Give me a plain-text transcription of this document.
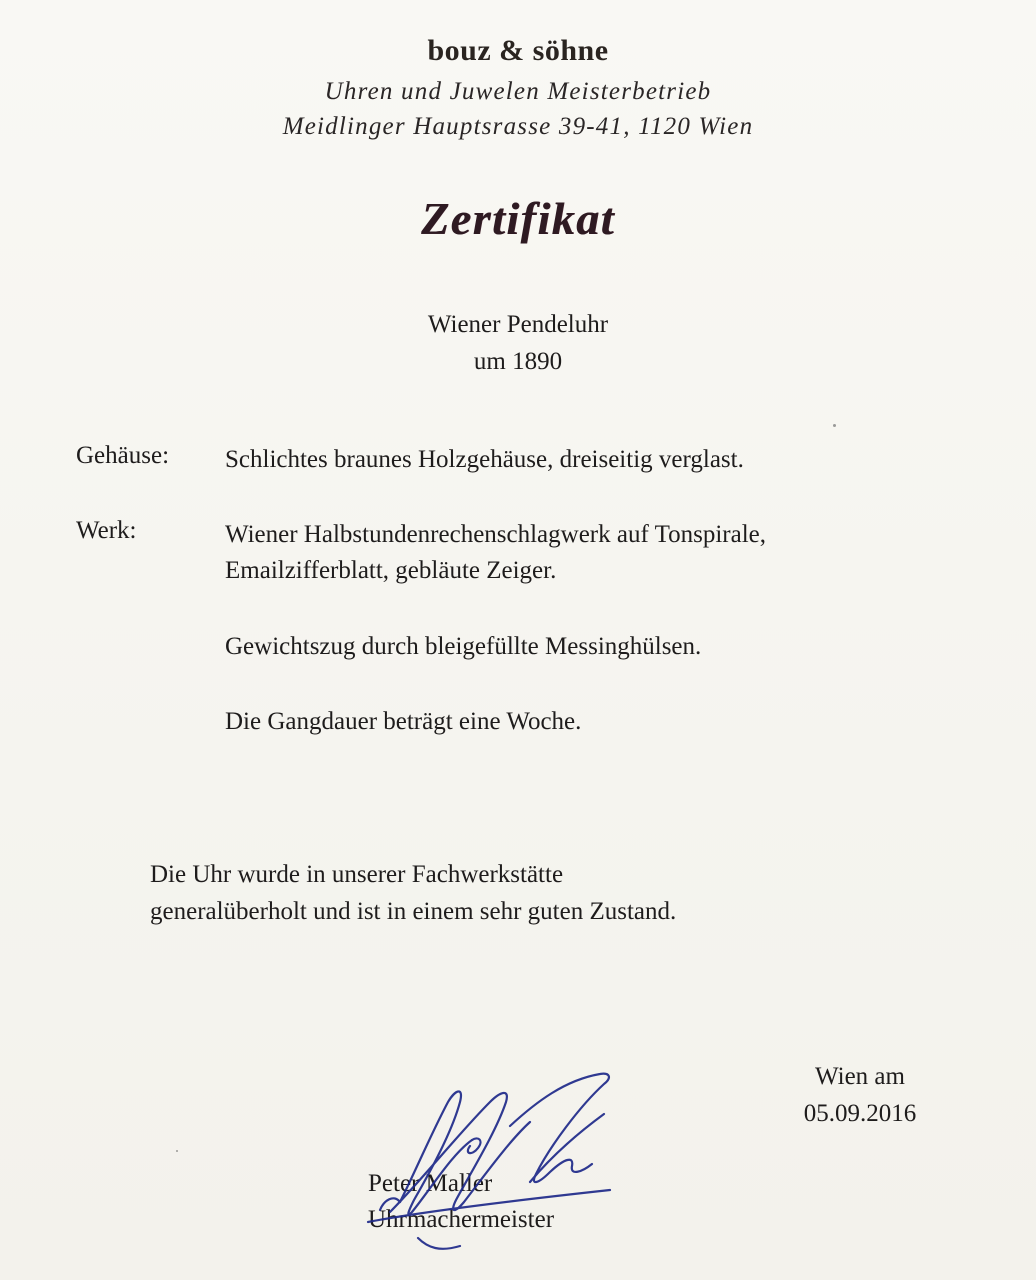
bouz & söhne
Uhren und Juwelen Meisterbetrieb
Meidlinger Hauptsrasse 39-41, 1120 Wien
Zertifikat
Wiener Pendeluhr
um 1890
Gehäuse: Schlichtes braunes Holzgehäuse, dreiseitig verglast.
Werk:	Wiener Halbstundenrechenschlagwerk auf Tonspirale,
Emailzifferblatt, gebläute Zeiger.
Gewichtszug durch bleigefüllte Messinghülsen.
Die Gangdauer beträgt eine Woche.
Die Uhr wurde in unserer Fachwerkstätte
generalüberholt und ist in einem sehr guten Zustand.
Wien am
05.09.2016
Peter Maller
Uhrmachermeister
